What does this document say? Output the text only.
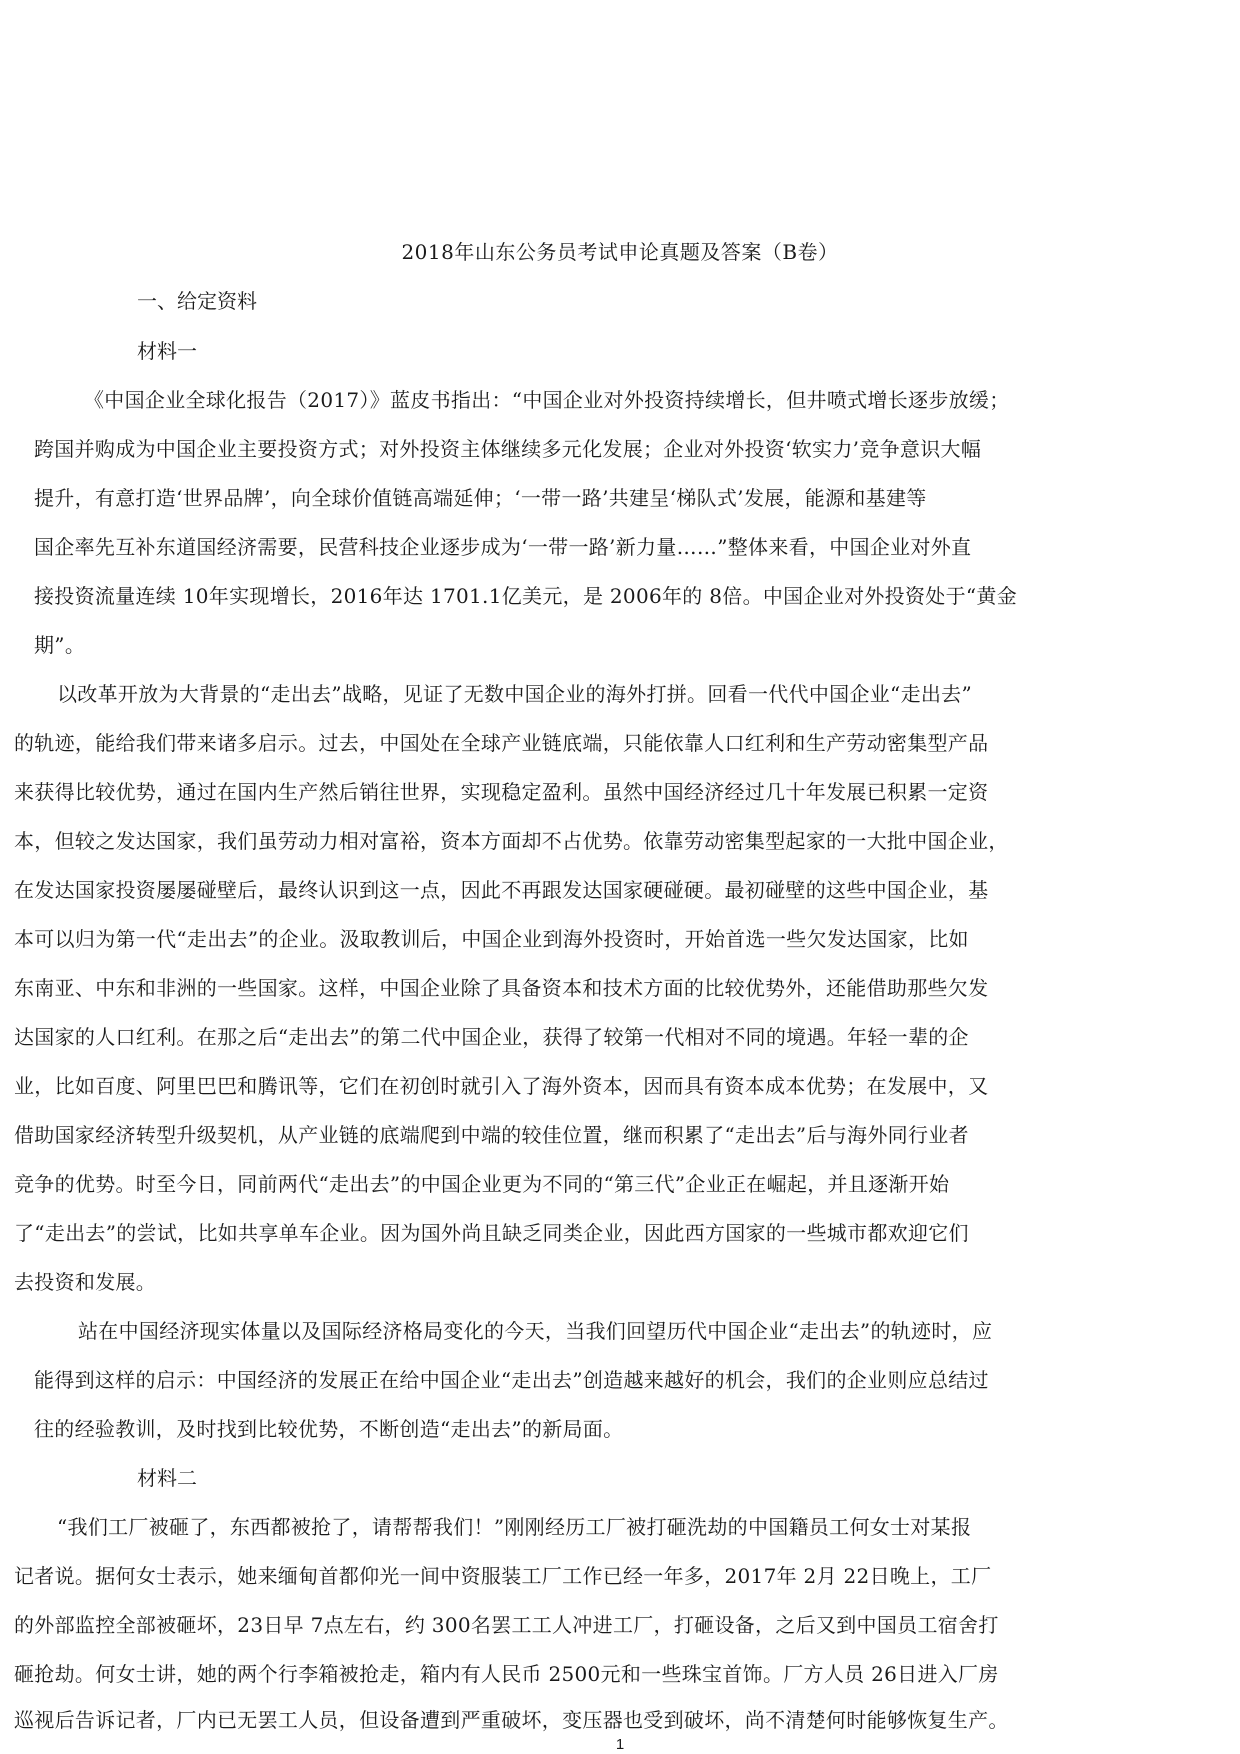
2018年山东公务员考试申论真题及答案（B卷）
一、给定资料
材料一
《中国企业全球化报告（2017）》蓝皮书指出：“中国企业对外投资持续增长，但井喷式增长逐步放缓；
跨国并购成为中国企业主要投资方式；对外投资主体继续多元化发展；企业对外投资‘软实力’竞争意识大幅
提升，有意打造‘世界品牌’，向全球价值链高端延伸；‘一带一路’共建呈‘梯队式’发展，能源和基建等
国企率先互补东道国经济需要，民营科技企业逐步成为‘一带一路’新力量……”整体来看，中国企业对外直
接投资流量连续 10年实现增长，2016年达 1701.1亿美元，是 2006年的 8倍。中国企业对外投资处于“黄金
期”。
以改革开放为大背景的“走出去”战略，见证了无数中国企业的海外打拼。回看一代代中国企业“走出去”
的轨迹，能给我们带来诸多启示。过去，中国处在全球产业链底端，只能依靠人口红利和生产劳动密集型产品
来获得比较优势，通过在国内生产然后销往世界，实现稳定盈利。虽然中国经济经过几十年发展已积累一定资
本，但较之发达国家，我们虽劳动力相对富裕，资本方面却不占优势。依靠劳动密集型起家的一大批中国企业，
在发达国家投资屡屡碰壁后，最终认识到这一点，因此不再跟发达国家硬碰硬。最初碰壁的这些中国企业，基
本可以归为第一代“走出去”的企业。汲取教训后，中国企业到海外投资时，开始首选一些欠发达国家，比如
东南亚、中东和非洲的一些国家。这样，中国企业除了具备资本和技术方面的比较优势外，还能借助那些欠发
达国家的人口红利。在那之后“走出去”的第二代中国企业，获得了较第一代相对不同的境遇。年轻一辈的企
业，比如百度、阿里巴巴和腾讯等，它们在初创时就引入了海外资本，因而具有资本成本优势；在发展中，又
借助国家经济转型升级契机，从产业链的底端爬到中端的较佳位置，继而积累了“走出去”后与海外同行业者
竞争的优势。时至今日，同前两代“走出去”的中国企业更为不同的“第三代”企业正在崛起，并且逐渐开始
了“走出去”的尝试，比如共享单车企业。因为国外尚且缺乏同类企业，因此西方国家的一些城市都欢迎它们
去投资和发展。
站在中国经济现实体量以及国际经济格局变化的今天，当我们回望历代中国企业“走出去”的轨迹时，应
能得到这样的启示：中国经济的发展正在给中国企业“走出去”创造越来越好的机会，我们的企业则应总结过
往的经验教训，及时找到比较优势，不断创造“走出去”的新局面。
材料二
“我们工厂被砸了，东西都被抢了，请帮帮我们！”刚刚经历工厂被打砸洗劫的中国籍员工何女士对某报
记者说。据何女士表示，她来缅甸首都仰光一间中资服装工厂工作已经一年多，2017年 2月 22日晚上，工厂
的外部监控全部被砸坏，23日早 7点左右，约 300名罢工工人冲进工厂，打砸设备，之后又到中国员工宿舍打
砸抢劫。何女士讲，她的两个行李箱被抢走，箱内有人民币 2500元和一些珠宝首饰。厂方人员 26日进入厂房
巡视后告诉记者，厂内已无罢工人员，但设备遭到严重破坏，变压器也受到破坏，尚不清楚何时能够恢复生产。
1
